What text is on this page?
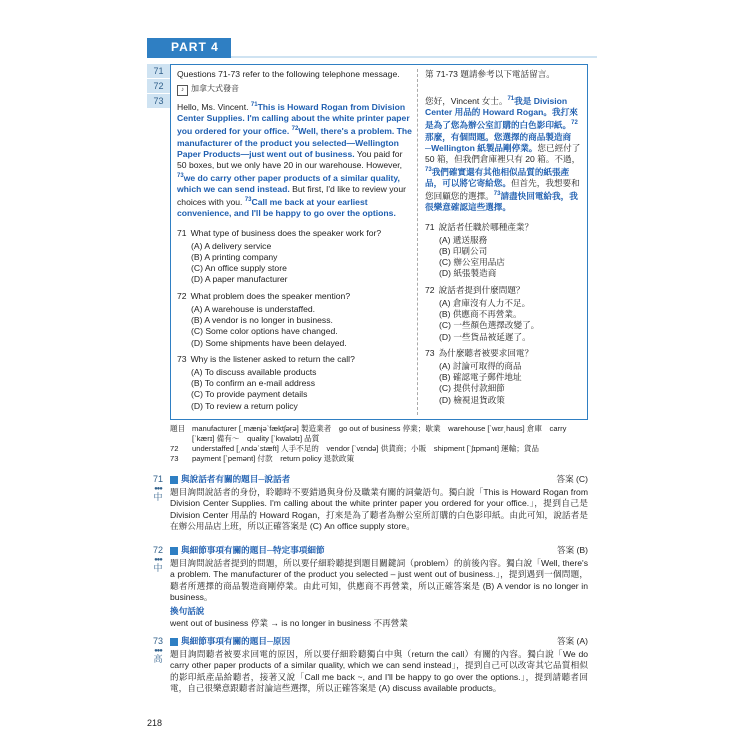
PART 4
71
72
73
Questions 71-73 refer to the following telephone message.
♪ 加拿大式發音
Hello, Ms. Vincent. $^{71}$This is Howard Rogan from Division Center Supplies. I'm calling about the white printer paper you ordered for your office. $^{72}$Well, there's a problem. The manufacturer of the product you selected—Wellington Paper Products—just went out of business. You paid for 50 boxes, but we only have 20 in our warehouse. However, $^{73}$we do carry other paper products of a similar quality, which we can send instead. But first, I'd like to review your choices with you. $^{73}$Call me back at your earliest convenience, and I'll be happy to go over the options.
71 What type of business does the speaker work for?
(A) A delivery service
(B) A printing company
(C) An office supply store
(D) A paper manufacturer
72 What problem does the speaker mention?
(A) A warehouse is understaffed.
(B) A vendor is no longer in business.
(C) Some color options have changed.
(D) Some shipments have been delayed.
73 Why is the listener asked to return the call?
(A) To discuss available products
(B) To confirm an e-mail address
(C) To provide payment details
(D) To review a return policy
第 71-73 題請參考以下電話留言。
您好，Vincent 女士。$^{71}$我是 Division Center 用品的 Howard Rogan。我打來是為了您為辦公室訂購的白色影印紙。$^{72}$那麼，有個問題。您選擇的商品製造商─Wellington 紙製品剛停業。您已經付了 50 箱，但我們倉庫裡只有 20 箱。不過，$^{73}$我們確實還有其他相似品質的紙張產品，可以將它寄給您。但首先，我想要和您回顧您的選擇。$^{73}$請盡快回電給我，我很樂意確認這些選擇。
71 說話者任職於哪種產業？
(A) 遞送服務
(B) 印刷公司
(C) 辦公室用品店
(D) 紙張製造商
72 說話者提到什麼問題？
(A) 倉庫沒有人力不足。
(B) 供應商不再營業。
(C) 一些顏色選擇改變了。
(D) 一些貨品被延遲了。
73 為什麼聽者被要求回電？
(A) 討論可取得的商品
(B) 確認電子郵件地址
(C) 提供付款細節
(D) 檢視退貨政策
題目 manufacturer [͵mænjəˋfæktʃərə] 製造業者　go out of business 停業；歇業　warehouse [ˋwɛr͵haus] 倉庫　carry [ˋkærɪ] 備有～　quality [ˋkwalətɪ] 品質
72	understaffed [͵ʌndəˋstæft] 人手不足的　vendor [ˋvɛndə] 供貨商；小販　shipment [ˋʃɪpmənt] 運輸；貨品
73	payment [ˋpemənt] 付款　return policy 退款政策
71
●●●
中
與說話者有關的題目─說話者	答案 (C)
題目詢問說話者的身份，聆聽時不要錯過與身份及職業有關的詞彙語句。獨白說「This is Howard Rogan from Division Center Supplies. I'm calling about the white printer paper you ordered for your office.」，提到自己是 Division Center 用品的 Howard Rogan，打來是為了聽者為辦公室所訂購的白色影印紙。由此可知，說話者是在辦公用品店上班，所以正確答案是 (C) An office supply store。
72
●●●
中
與細節事項有關的題目─特定事項細節	答案 (B)
題目詢問說話者提到的問題，所以要仔細聆聽提到題目關鍵詞（problem）的前後內容。獨白說「Well, there's a problem. The manufacturer of the product you selected – just went out of business.」，提到遇到一個問題，聽者所選擇的商品製造商剛停業。由此可知，供應商不再營業，所以正確答案是 (B) A vendor is no longer in business。
換句話說
went out of business 停業 → is no longer in business 不再營業
73
●●●
高
與細節事項有關的題目─原因	答案 (A)
題目詢問聽者被要求回電的原因，所以要仔細聆聽獨白中與（return the call）有關的內容。獨白說「We do carry other paper products of a similar quality, which we can send instead」，提到自己可以改寄其它品質相似的影印紙產品給聽者，接著又說「Call me back ~, and I'll be happy to go over the options.」，提到請聽者回電，自己很樂意跟聽者討論這些選擇，所以正確答案是 (A) discuss available products。
218
